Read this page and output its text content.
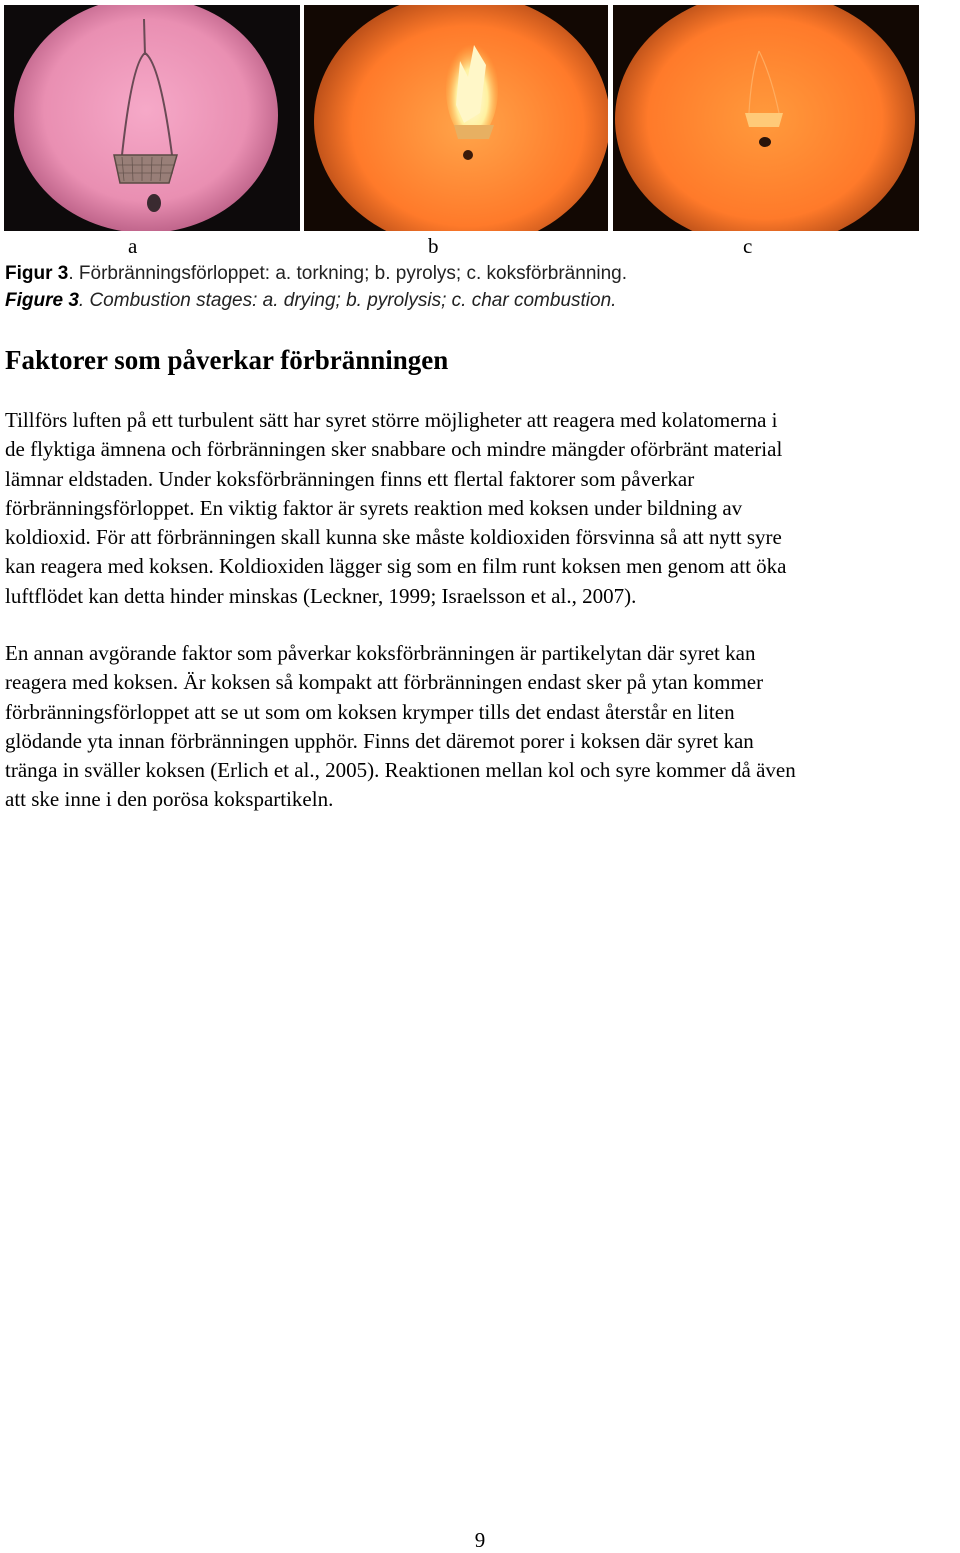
a	b	c
Figur 3. Förbränningsförloppet: a. torkning; b. pyrolys; c. koksförbränning.
Figure 3. Combustion stages: a. drying; b. pyrolysis; c. char combustion.
Faktorer som påverkar förbränningen

Tillförs luften på ett turbulent sätt har syret större möjligheter att reagera med kolatomerna i
de flyktiga ämnena och förbränningen sker snabbare och mindre mängder oförbränt material
lämnar eldstaden. Under koksförbränningen finns ett flertal faktorer som påverkar
förbränningsförloppet. En viktig faktor är syrets reaktion med koksen under bildning av
koldioxid. För att förbränningen skall kunna ske måste koldioxiden försvinna så att nytt syre
kan reagera med koksen. Koldioxiden lägger sig som en film runt koksen men genom att öka
luftflödet kan detta hinder minskas (Leckner, 1999; Israelsson et al., 2007).

En annan avgörande faktor som påverkar koksförbränningen är partikelytan där syret kan
reagera med koksen. Är koksen så kompakt att förbränningen endast sker på ytan kommer
förbränningsförloppet att se ut som om koksen krymper tills det endast återstår en liten
glödande yta innan förbränningen upphör. Finns det däremot porer i koksen där syret kan
tränga in sväller koksen (Erlich et al., 2005). Reaktionen mellan kol och syre kommer då även
att ske inne i den porösa kokspartikeln.

9
